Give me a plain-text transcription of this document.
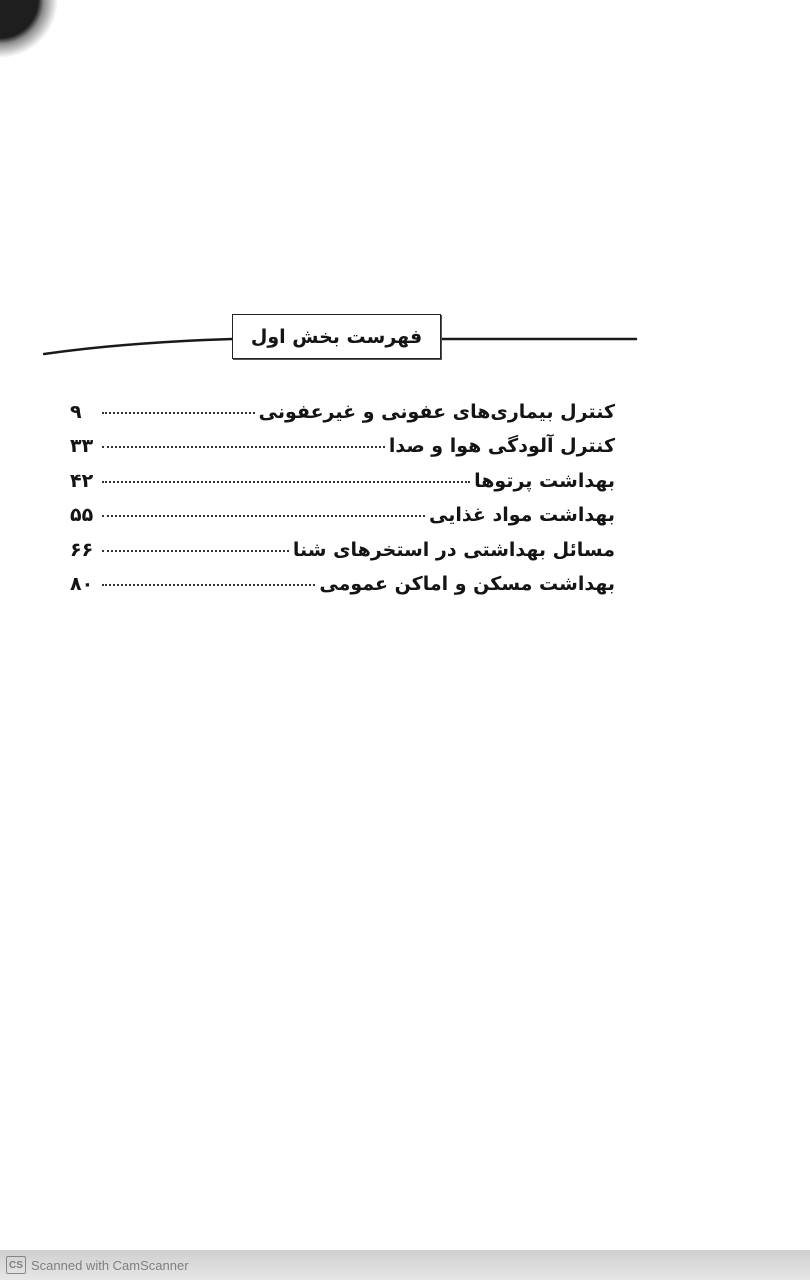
فهرست بخش اول
کنترل بیماری‌های عفونی و غیرعفونی
۹
کنترل آلودگی هوا و صدا
۳۳
بهداشت پرتوها
۴۲
بهداشت مواد غذایی
۵۵
مسائل بهداشتی در استخرهای شنا
۶۶
بهداشت مسکن و اماکن عمومی
۸۰
CS Scanned with CamScanner
